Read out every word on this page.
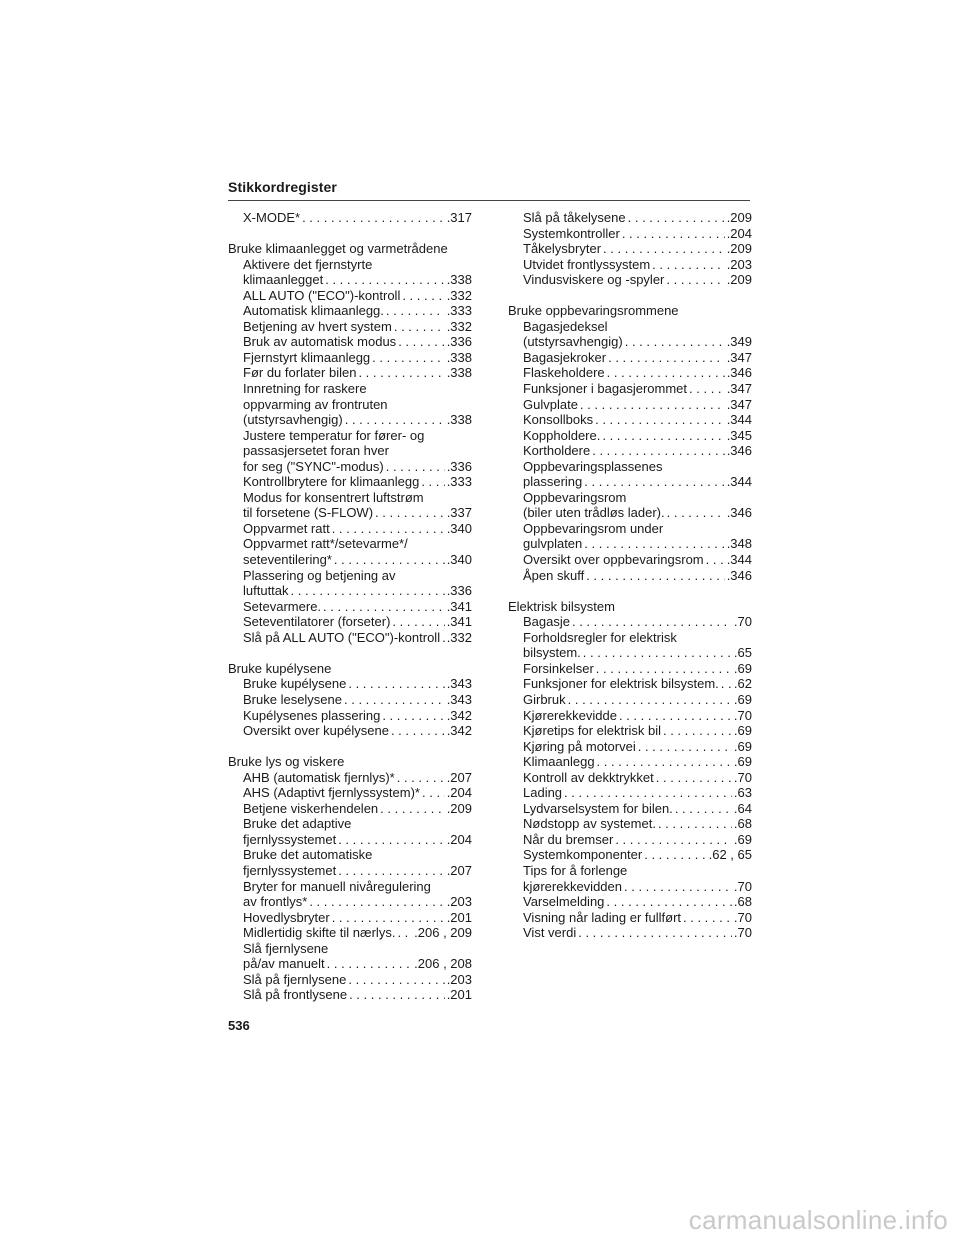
Stikkordregister
X-MODE* . . .	.317
Bruke klimaanlegget og varmetrådene
Aktivere det fjernstyrte
klimaanlegget . . .	.338
ALL AUTO ("ECO")-kontroll . . .	.332
Automatisk klimaanlegg. . . .	.333
Betjening av hvert system . . .	.332
Bruk av automatisk modus . . .	.336
Fjernstyrt klimaanlegg . . .	.338
Før du forlater bilen . . .	.338
Innretning for raskere
oppvarming av frontruten
(utstyrsavhengig) . . .	.338
Justere temperatur for fører- og
passasjersetet foran hver
for seg ("SYNC"-modus) . . .	.336
Kontrollbrytere for klimaanlegg . . . .333
Modus for konsentrert luftstrøm
til forsetene (S-FLOW) . . .	.337
Oppvarmet ratt . . .	.340
Oppvarmet ratt*/setevarme*/
seteventilering* . . .	.340
Plassering og betjening av
luftuttak . . .	.336
Setevarmere. . . .	.341
Seteventilatorer (forseter) . . .	.341
Slå på ALL AUTO ("ECO")-kontroll . . . .332
Bruke kupélysene
Bruke kupélysene . . .	.343
Bruke leselysene . . .	.343
Kupélysenes plassering . . .	.342
Oversikt over kupélysene . . .	.342
Bruke lys og viskere
AHB (automatisk fjernlys)* . . .	.207
AHS (Adaptivt fjernlyssystem)* . . . .204
Betjene viskerhendelen . . .	.209
Bruke det adaptive
fjernlyssystemet . . .	.204
Bruke det automatiske
fjernlyssystemet . . .	.207
Bryter for manuell nivåregulering
av frontlys* . . .	.203
Hovedlysbryter . . .	.201
Midlertidig skifte til nærlys. . . . .206 , 209
Slå fjernlysene
på/av manuelt . . .	.206 , 208
Slå på fjernlysene . . .	.203
Slå på frontlysene . . .	.201
Slå på tåkelysene . . .	.209
Systemkontroller . . .	.204
Tåkelysbryter . . .	.209
Utvidet frontlyssystem . . .	.203
Vindusviskere og -spyler . . .	.209
Bruke oppbevaringsrommene
Bagasjedeksel
(utstyrsavhengig) . . .	.349
Bagasjekroker . . .	.347
Flaskeholdere . . .	.346
Funksjoner i bagasjerommet . . .	.347
Gulvplate . . .	.347
Konsollboks . . .	.344
Koppholdere. . . .	.345
Kortholdere . . .	.346
Oppbevaringsplassenes
plassering . . .	.344
Oppbevaringsrom
(biler uten trådløs lader). . . .	.346
Oppbevaringsrom under
gulvplaten . . .	.348
Oversikt over oppbevaringsrom . . . .344
Åpen skuff . . .	.346
Elektrisk bilsystem
Bagasje . . .	.70
Forholdsregler for elektrisk
bilsystem. . . .	.65
Forsinkelser . . .	.69
Funksjoner for elektrisk bilsystem. . . . .62
Girbruk . . .	.69
Kjørerekkevidde . . .	.70
Kjøretips for elektrisk bil . . .	.69
Kjøring på motorvei . . .	.69
Klimaanlegg . . .	.69
Kontroll av dekktrykket . . .	.70
Lading . . .	.63
Lydvarselsystem for bilen. . . .	.64
Nødstopp av systemet. . . .	.68
Når du bremser . . .	.69
Systemkomponenter . . .	.62 , 65
Tips for å forlenge
kjørerekkevidden . . .	.70
Varselmelding . . .	.68
Visning når lading er fullført . . .	.70
Vist verdi . . .	.70
536
carmanualsonline.info
